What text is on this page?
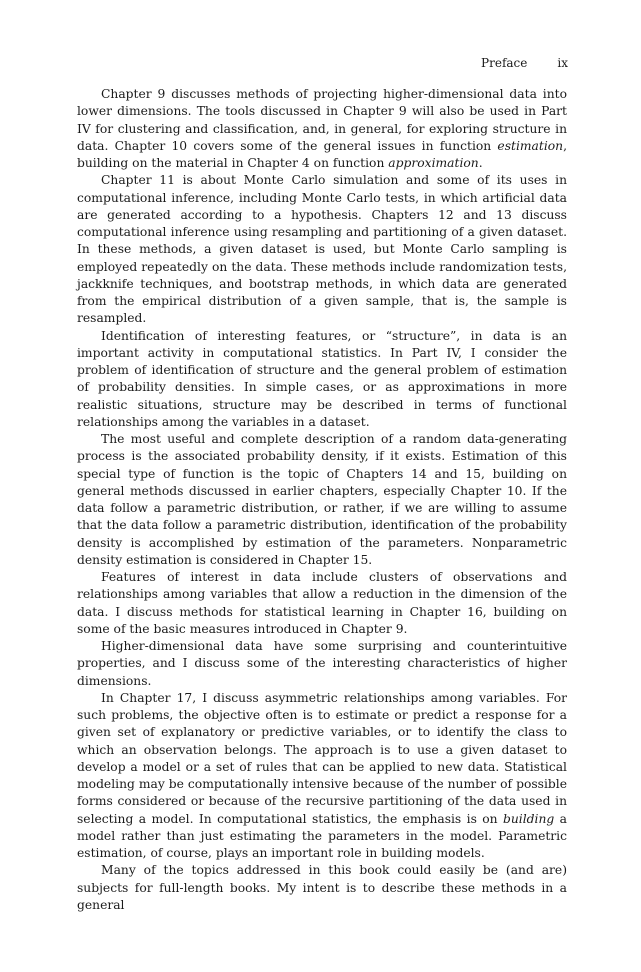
Preface	ix

Chapter 9 discusses methods of projecting higher-dimensional data into lower dimensions. The tools discussed in Chapter 9 will also be used in Part IV for clustering and classification, and, in general, for exploring structure in data. Chapter 10 covers some of the general issues in function estimation, building on the material in Chapter 4 on function approximation.

Chapter 11 is about Monte Carlo simulation and some of its uses in computational inference, including Monte Carlo tests, in which artificial data are generated according to a hypothesis. Chapters 12 and 13 discuss computational inference using resampling and partitioning of a given dataset. In these methods, a given dataset is used, but Monte Carlo sampling is employed repeatedly on the data. These methods include randomization tests, jackknife techniques, and bootstrap methods, in which data are generated from the empirical distribution of a given sample, that is, the sample is resampled.

Identification of interesting features, or “structure”, in data is an important activity in computational statistics. In Part IV, I consider the problem of identification of structure and the general problem of estimation of probability densities. In simple cases, or as approximations in more realistic situations, structure may be described in terms of functional relationships among the variables in a dataset.

The most useful and complete description of a random data-generating process is the associated probability density, if it exists. Estimation of this special type of function is the topic of Chapters 14 and 15, building on general methods discussed in earlier chapters, especially Chapter 10. If the data follow a parametric distribution, or rather, if we are willing to assume that the data follow a parametric distribution, identification of the probability density is accomplished by estimation of the parameters. Nonparametric density estimation is considered in Chapter 15.

Features of interest in data include clusters of observations and relationships among variables that allow a reduction in the dimension of the data. I discuss methods for statistical learning in Chapter 16, building on some of the basic measures introduced in Chapter 9.

Higher-dimensional data have some surprising and counterintuitive properties, and I discuss some of the interesting characteristics of higher dimensions.

In Chapter 17, I discuss asymmetric relationships among variables. For such problems, the objective often is to estimate or predict a response for a given set of explanatory or predictive variables, or to identify the class to which an observation belongs. The approach is to use a given dataset to develop a model or a set of rules that can be applied to new data. Statistical modeling may be computationally intensive because of the number of possible forms considered or because of the recursive partitioning of the data used in selecting a model. In computational statistics, the emphasis is on building a model rather than just estimating the parameters in the model. Parametric estimation, of course, plays an important role in building models.

Many of the topics addressed in this book could easily be (and are) subjects for full-length books. My intent is to describe these methods in a general
